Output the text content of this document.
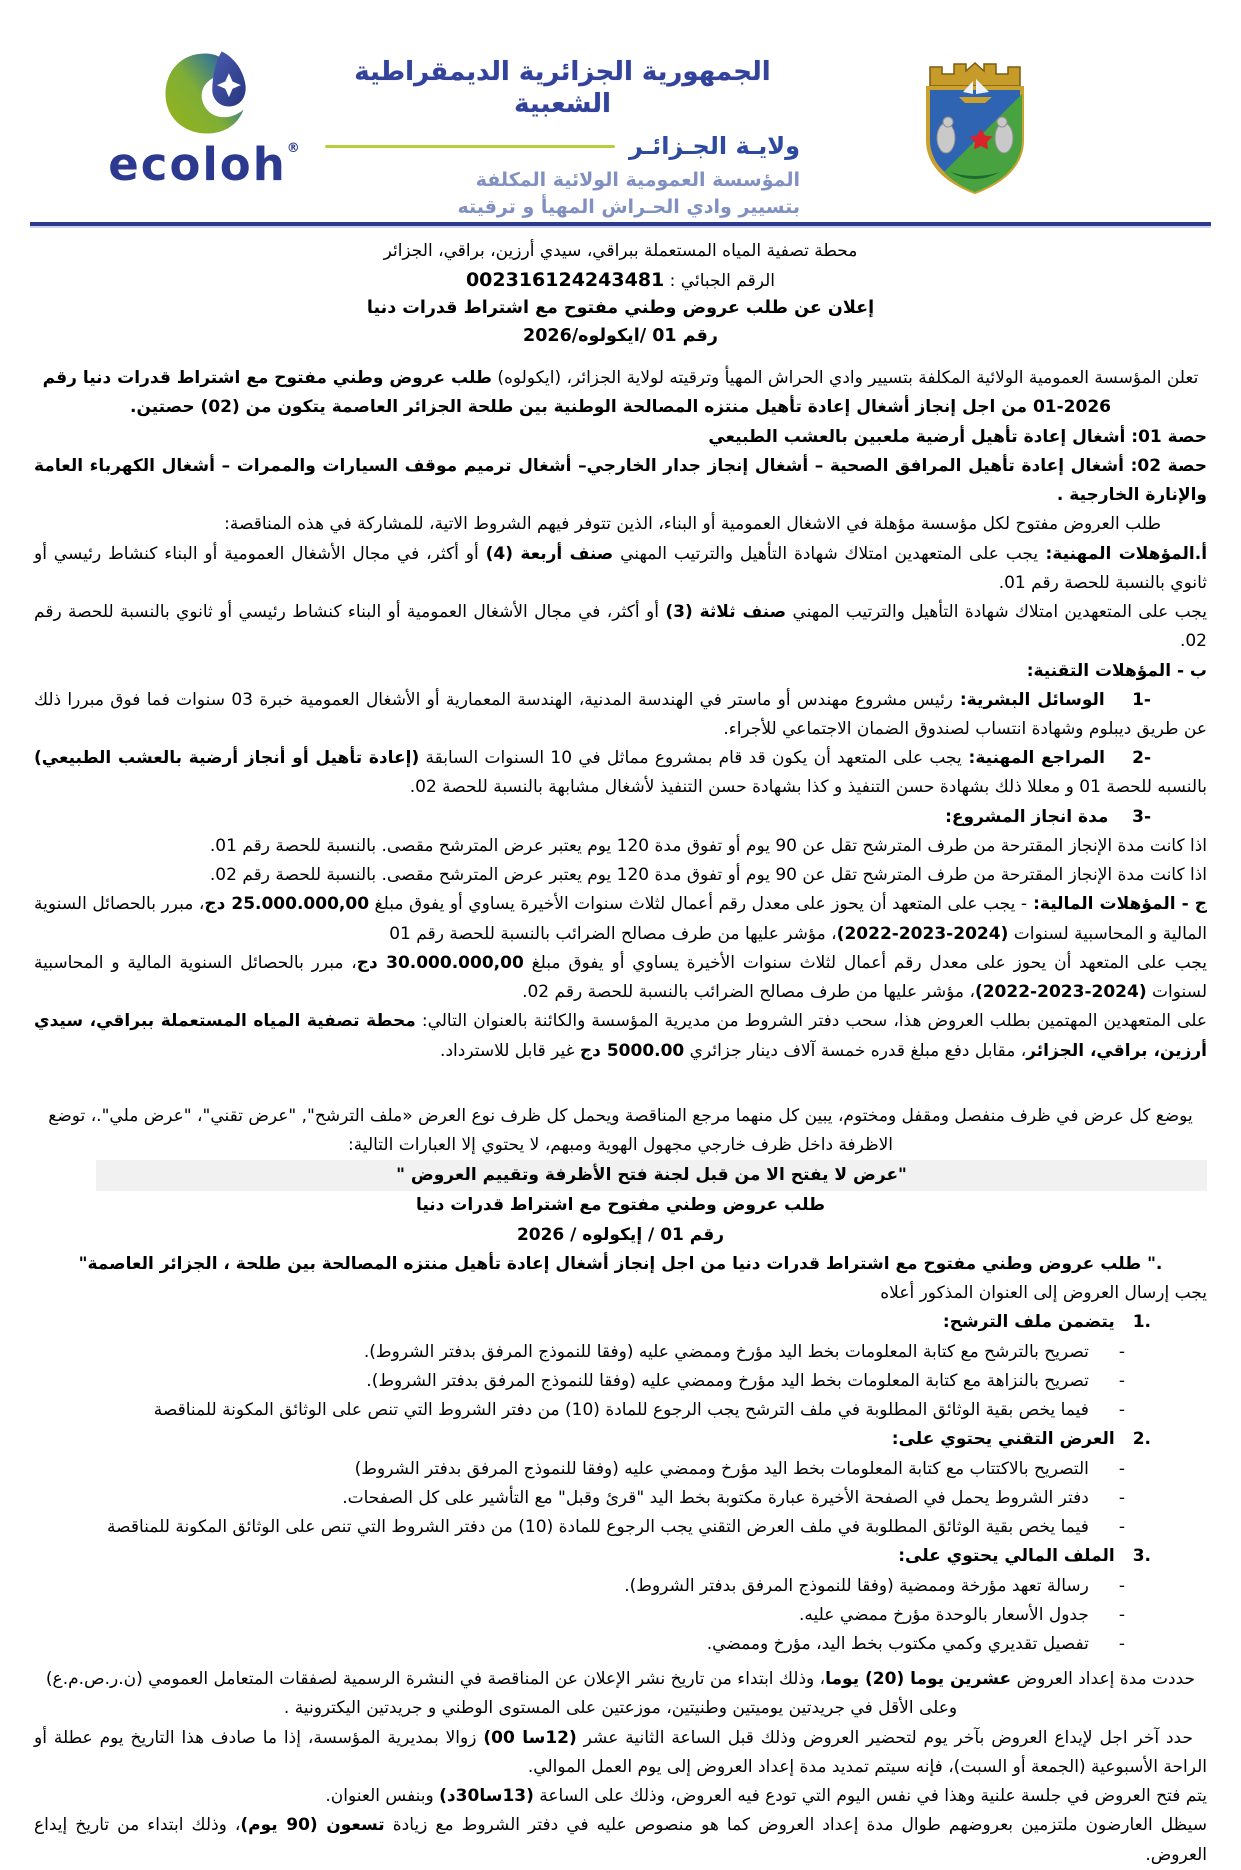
ecoloh®
الجمهورية الجزائرية الديمقراطية الشعبية
ولايـة الجـزائـر
المؤسسة العمومية الولائية المكلفة
بتسيير وادي الحـراش المهيأ و ترقيته
محطة تصفية المياه المستعملة ببراقي، سيدي أرزين، براقي، الجزائر
الرقم الجبائي : 002316124243481
إعلان عن طلب عروض وطني مفتوح مع اشتراط قدرات دنيا
رقم 01 /ايكولوه/2026
تعلن المؤسسة العمومية الولائية المكلفة بتسيير وادي الحراش المهيأ وترقيته لولاية الجزائر، (ايكولوه) طلب عروض وطني مفتوح مع اشتراط قدرات دنيا رقم 2026-01 من اجل إنجاز أشغال إعادة تأهيل منتزه المصالحة الوطنية بين طلحة الجزائر العاصمة يتكون من (02) حصتين.
حصة 01: أشغال إعادة تأهيل أرضية ملعبين بالعشب الطبيعي
حصة 02: أشغال إعادة تأهيل المرافق الصحية – أشغال إنجاز جدار الخارجي– أشغال ترميم موقف السيارات والممرات – أشغال الكهرباء العامة والإنارة الخارجية .
طلب العروض مفتوح لكل مؤسسة مؤهلة في الاشغال العمومية أو البناء، الذين تتوفر فيهم الشروط الاتية، للمشاركة في هذه المناقصة:
أ.المؤهلات المهنية: يجب على المتعهدين امتلاك شهادة التأهيل والترتيب المهني صنف أربعة (4) أو أكثر، في مجال الأشغال العمومية أو البناء كنشاط رئيسي أو ثانوي بالنسبة للحصة رقم 01.
يجب على المتعهدين امتلاك شهادة التأهيل والترتيب المهني صنف ثلاثة (3) أو أكثر، في مجال الأشغال العمومية أو البناء كنشاط رئيسي أو ثانوي بالنسبة للحصة رقم 02.
ب - المؤهلات التقنية:
1-    الوسائل البشرية: رئيس مشروع مهندس أو ماستر في الهندسة المدنية، الهندسة المعمارية أو الأشغال العمومية خبرة 03 سنوات فما فوق مبررا ذلك عن طريق ديبلوم وشهادة انتساب لصندوق الضمان الاجتماعي للأجراء.
2-    المراجع المهنية: يجب على المتعهد أن يكون قد قام بمشروع مماثل في 10 السنوات السابقة (إعادة تأهيل أو أنجاز أرضية بالعشب الطبيعي) بالنسبه للحصة 01 و معللا ذلك بشهادة حسن التنفيذ و كذا بشهادة حسن التنفيذ لأشغال مشابهة بالنسبة للحصة 02.
3-    مدة انجاز المشروع:
اذا كانت مدة الإنجاز المقترحة من طرف المترشح تقل عن 90 يوم أو تفوق مدة 120 يوم يعتبر عرض المترشح مقصى. بالنسبة للحصة رقم 01.
اذا كانت مدة الإنجاز المقترحة من طرف المترشح تقل عن 90 يوم أو تفوق مدة 120 يوم يعتبر عرض المترشح مقصى. بالنسبة للحصة رقم 02.
ج - المؤهلات المالية: - يجب على المتعهد أن يحوز على معدل رقم أعمال لثلاث سنوات الأخيرة يساوي أو يفوق مبلغ 25.000.000,00 دج، مبرر بالحصائل السنوية المالية و المحاسبية لسنوات (2024-2023-2022)، مؤشر عليها من طرف مصالح الضرائب بالنسبة للحصة رقم 01
يجب على المتعهد أن يحوز على معدل رقم أعمال لثلاث سنوات الأخيرة يساوي أو يفوق مبلغ 30.000.000,00 دج، مبرر بالحصائل السنوية المالية و المحاسبية لسنوات (2024-2023-2022)، مؤشر عليها من طرف مصالح الضرائب بالنسبة للحصة رقم 02.
على المتعهدين المهتمين بطلب العروض هذا، سحب دفتر الشروط من مديرية المؤسسة والكائنة بالعنوان التالي: محطة تصفية المياه المستعملة ببراقي، سيدي أرزين، براقي، الجزائر، مقابل دفع مبلغ قدره خمسة آلاف دينار جزائري 5000.00 دج غير قابل للاسترداد.
يوضع كل عرض في ظرف منفصل ومقفل ومختوم، يبين كل منهما مرجع المناقصة ويحمل كل ظرف نوع العرض «ملف الترشح", "عرض تقني"، "عرض ملي".، توضع الاظرفة داخل ظرف خارجي مجهول الهوية ومبهم، لا يحتوي إلا العبارات التالية:
"عرض لا يفتح الا من قبل لجنة فتح الأظرفة وتقييم العروض "
طلب عروض وطني مفتوح مع اشتراط قدرات دنيا
رقم 01 / إيكولوه / 2026
." طلب عروض وطني مفتوح مع اشتراط قدرات دنيا من اجل إنجاز أشغال إعادة تأهيل منتزه المصالحة بين طلحة ، الجزائر العاصمة"
يجب إرسال العروض إلى العنوان المذكور أعلاه
1.
يتضمن ملف الترشح:
-
تصريح بالترشح مع كتابة المعلومات بخط اليد مؤرخ وممضي عليه (وفقا للنموذج المرفق بدفتر الشروط).
-
تصريح بالنزاهة مع كتابة المعلومات بخط اليد مؤرخ وممضي عليه (وفقا للنموذج المرفق بدفتر الشروط).
-
فيما يخص بقية الوثائق المطلوبة في ملف الترشح يجب الرجوع للمادة (10) من دفتر الشروط التي تنص على الوثائق المكونة للمناقصة
2.
العرض التقني يحتوي على:
-
التصريح بالاكتتاب مع كتابة المعلومات بخط اليد مؤرخ وممضي عليه (وفقا للنموذج المرفق بدفتر الشروط)
-
دفتر الشروط يحمل في الصفحة الأخيرة عبارة مكتوبة بخط اليد "قرئ وقبل" مع التأشير على كل الصفحات.
-
فيما يخص بقية الوثائق المطلوبة في ملف العرض التقني يجب الرجوع للمادة (10) من دفتر الشروط التي تنص على الوثائق المكونة للمناقصة
3.
الملف المالي يحتوي على:
-
رسالة تعهد مؤرخة وممضية (وفقا للنموذج المرفق بدفتر الشروط).
-
جدول الأسعار بالوحدة مؤرخ ممضي عليه.
-
تفصيل تقديري وكمي مكتوب بخط اليد، مؤرخ وممضي.
حددت مدة إعداد العروض عشرين يوما (20) يوما، وذلك ابتداء من تاريخ نشر الإعلان عن المناقصة في النشرة الرسمية لصفقات المتعامل العمومي (ن.ر.ص.م.ع) وعلى الأقل في جريدتين يوميتين وطنيتين، موزعتين على المستوى الوطني و جريدتين اليكترونية .
حدد آخر اجل لإيداع العروض بآخر يوم لتحضير العروض وذلك قبل الساعة الثانية عشر (12سا 00) زوالا بمديرية المؤسسة، إذا ما صادف هذا التاريخ يوم عطلة أو الراحة الأسبوعية (الجمعة أو السبت)، فإنه سيتم تمديد مدة إعداد العروض إلى يوم العمل الموالي.
يتم فتح العروض في جلسة علنية وهذا في نفس اليوم التي تودع فيه العروض، وذلك على الساعة (13سا30د) وبنفس العنوان.
سيظل العارضون ملتزمين بعروضهم طوال مدة إعداد العروض كما هو منصوص عليه في دفتر الشروط مع زيادة تسعون (90 يوم)، وذلك ابتداء من تاريخ إيداع العروض.
